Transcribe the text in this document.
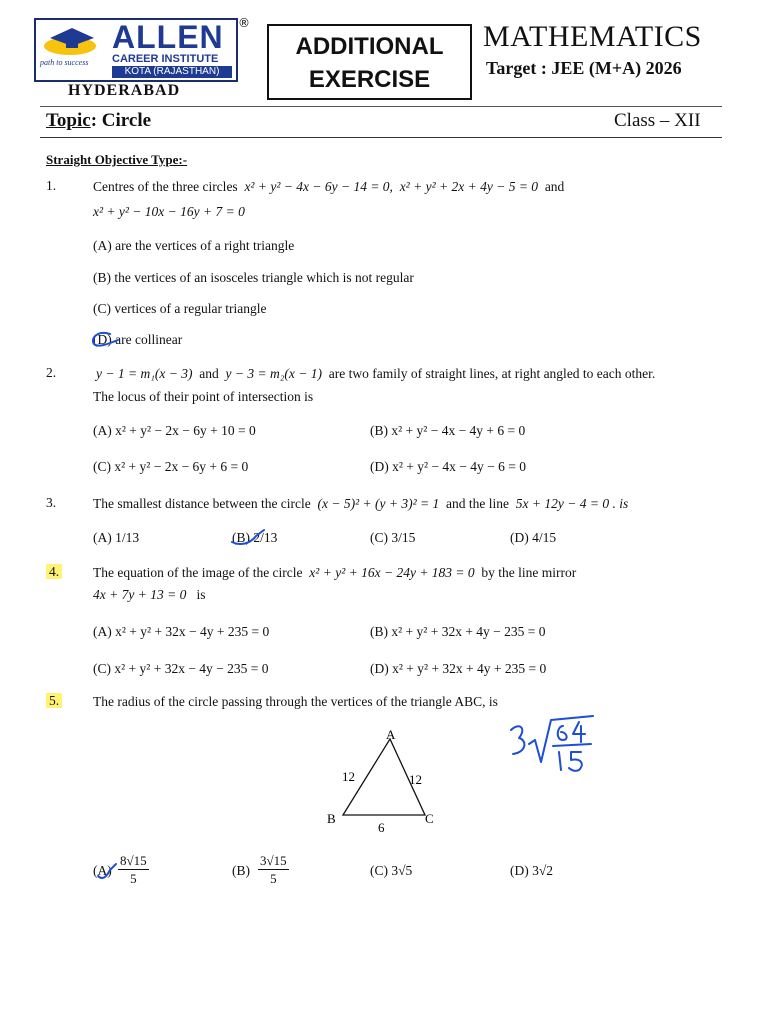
ALLEN ®
CAREER INSTITUTE
KOTA (RAJASTHAN)
path to success
HYDERABAD
ADDITIONAL
EXERCISE
MATHEMATICS
Target : JEE (M+A) 2026
Topic: Circle	Class – XII
Straight Objective Type:-
1.	Centres of the three circles x² + y² − 4x − 6y − 14 = 0, x² + y² + 2x + 4y − 5 = 0 and
x² + y² − 10x − 16y + 7 = 0
(A) are the vertices of a right triangle
(B) the vertices of an isosceles triangle which is not regular
(C) vertices of a regular triangle
(D) are collinear
2.	y − 1 = m₁(x − 3) and y − 3 = m₂(x − 1) are two family of straight lines, at right angled to each other.
The locus of their point of intersection is
(A) x² + y² − 2x − 6y + 10 = 0	(B) x² + y² − 4x − 4y + 6 = 0
(C) x² + y² − 2x − 6y + 6 = 0	(D) x² + y² − 4x − 4y − 6 = 0
3.	The smallest distance between the circle (x − 5)² + (y + 3)² = 1 and the line 5x + 12y − 4 = 0 . is
(A) 1/13	(B) 2/13	(C) 3/15	(D) 4/15
4.	The equation of the image of the circle x² + y² + 16x − 24y + 183 = 0 by the line mirror
4x + 7y + 13 = 0 is
(A) x² + y² + 32x − 4y + 235 = 0	(B) x² + y² + 32x + 4y − 235 = 0
(C) x² + y² + 32x − 4y − 235 = 0	(D) x² + y² + 32x + 4y + 235 = 0
5.	The radius of the circle passing through the vertices of the triangle ABC, is
A
B	C
12	12
6
$(A) \frac{8√15}{5}$	$(B) \frac{3√15}{5}$	(C) 3√5	(D) 3√2
